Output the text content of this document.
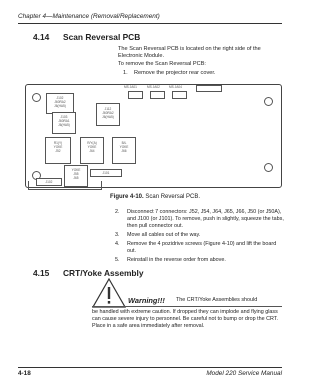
Chapter 4—Maintenance (Removal/Replacement)
4.14 Scan Reversal PCB
The Scan Reversal PCB is located on the right side of the Electronic Module.
To remove the Scan Reversal PCB:
1. Remove the projector rear cover.
J102
J60RA2
J6(HA5)
J103
J60RA1
J6(HA5)
J112
J60RA2
J6(HA5)
MS JA01	MS JA02	MS JA04
R1(Y)
YOKE
J52
R/Y(A)
YOKE
J64
B/L
YOKE
J66
YOKE
J55
J65
J102
J101
Figure 4-10. Scan Reversal PCB.
2. Disconnect 7 connectors: J52, J54, J64, J65, J66, J50 (or J50A), and J100 (or J101). To remove, push in slightly, squeeze the tabs, then pull connector out.
3. Move all cables out of the way.
4. Remove the 4 pozidrive screws (Figure 4-10) and lift the board out.
5. Reinstall in the reverse order from above.
4.15 CRT/Yoke Assembly
Warning!!! The CRT/Yoke Assemblies should
be handled with extreme caution. If dropped they can implode and flying glass can cause severe injury to personnel. Be careful not to bump or drop the CRT. Place in a safe area immediately after removal.
4-18	Model 220 Service Manual
